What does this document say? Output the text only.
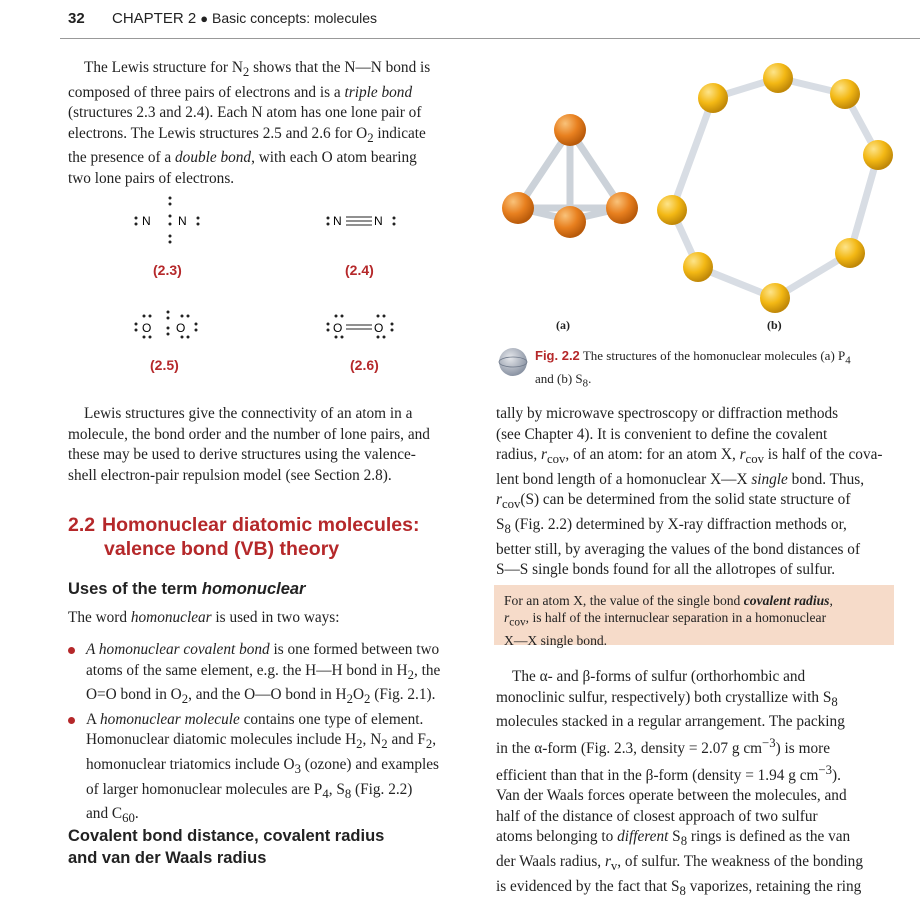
32 CHAPTER 2 ● Basic concepts: molecules
The Lewis structure for $N_2$ shows that the N—N bond is
composed of three pairs of electrons and is a triple bond
(structures 2.3 and 2.4). Each N atom has one lone pair of
electrons. The Lewis structures 2.5 and 2.6 for $O_2$ indicate
the presence of a double bond, with each O atom bearing
two lone pairs of electrons.
N N	N	N
O O	O	O
(2.3)	(2.4)
(2.5)	(2.6)
(a)	(b)
Fig. 2.2 The structures of the homonuclear molecules (a) $P_4$
and (b) $S_8$.
Lewis structures give the connectivity of an atom in a
molecule, the bond order and the number of lone pairs, and
these may be used to derive structures using the valence-
shell electron-pair repulsion model (see Section 2.8).
2.2 Homonuclear diatomic molecules:
valence bond (VB) theory
Uses of the term homonuclear
The word homonuclear is used in two ways:
A homonuclear covalent bond is one formed between two
atoms of the same element, e.g. the H—H bond in $H_2$, the
O=O bond in $O_2$, and the O—O bond in $H_2O_2$ (Fig. 2.1).
A homonuclear molecule contains one type of element.
Homonuclear diatomic molecules include $H_2$, $N_2$ and $F_2$,
homonuclear triatomics include $O_3$ (ozone) and examples
of larger homonuclear molecules are $P_4$, $S_8$ (Fig. 2.2)
and $C_{60}$.
Covalent bond distance, covalent radius
and van der Waals radius
tally by microwave spectroscopy or diffraction methods
(see Chapter 4). It is convenient to define the covalent
radius, $r_{cov}$, of an atom: for an atom X, $r_{cov}$ is half of the cova-
lent bond length of a homonuclear X—X single bond. Thus,
$r_{cov}(S)$ can be determined from the solid state structure of
$S_8$ (Fig. 2.2) determined by X-ray diffraction methods or,
better still, by averaging the values of the bond distances of
S—S single bonds found for all the allotropes of sulfur.
For an atom X, the value of the single bond covalent radius,
$r_{cov}$, is half of the internuclear separation in a homonuclear
X—X single bond.
The α- and β-forms of sulfur (orthorhombic and
monoclinic sulfur, respectively) both crystallize with $S_8$
molecules stacked in a regular arrangement. The packing
in the α-form (Fig. 2.3, density = 2.07 g $cm^{-3}$) is more
efficient than that in the β-form (density = 1.94 g $cm^{-3}$).
Van der Waals forces operate between the molecules, and
half of the distance of closest approach of two sulfur
atoms belonging to different $S_8$ rings is defined as the van
der Waals radius, $r_v$, of sulfur. The weakness of the bonding
is evidenced by the fact that $S_8$ vaporizes, retaining the ring
